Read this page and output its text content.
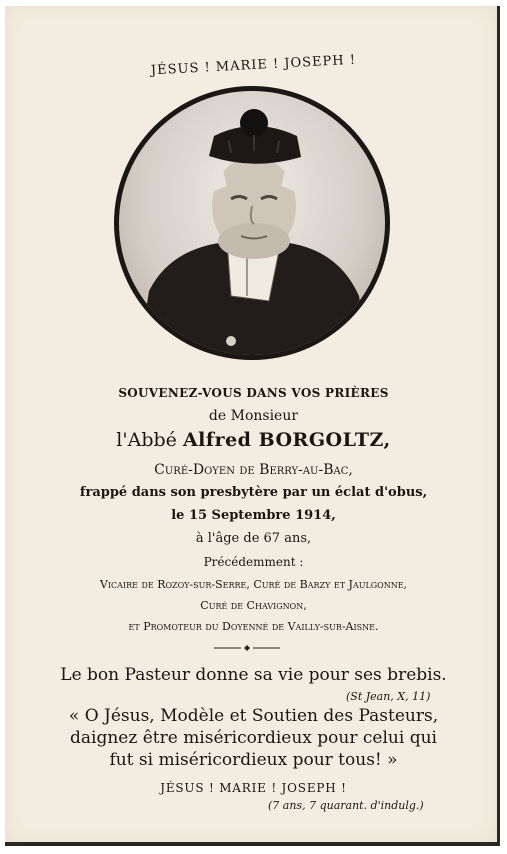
JÉSUS ! MARIE ! JOSEPH !
SOUVENEZ-VOUS DANS VOS PRIÈRES
de Monsieur
l'Abbé Alfred BORGOLTZ,
Curé-Doyen de Berry-au-Bac,
frappé dans son presbytère par un éclat d'obus,
le 15 Septembre 1914,
à l'âge de 67 ans,
Précédemment :
Vicaire de Rozoy-sur-Serre, Curé de Barzy et Jaulgonne,
Curé de Chavignon,
et Promoteur du Doyenné de Vailly-sur-Aisne.
Le bon Pasteur donne sa vie pour ses brebis.
(St Jean, X, 11)
« O Jésus, Modèle et Soutien des Pasteurs,
daignez être miséricordieux pour celui qui
fut si miséricordieux pour tous! »
JÉSUS ! MARIE ! JOSEPH !
(7 ans, 7 quarant. d'indulg.)
